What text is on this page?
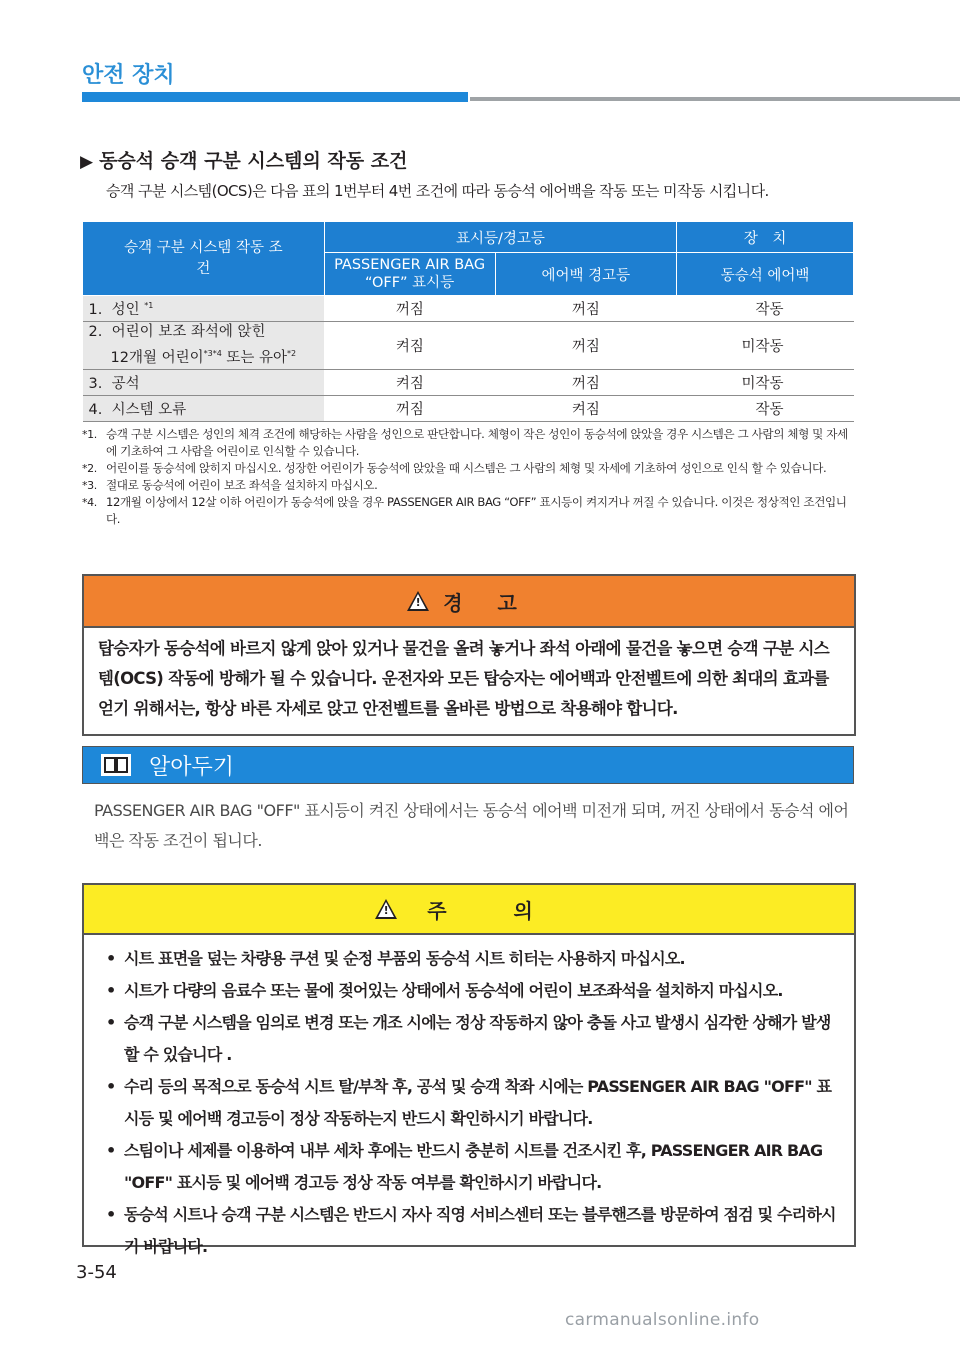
안전 장치
▶ 동승석 승객 구분 시스템의 작동 조건
승객 구분 시스템(OCS)은 다음 표의 1번부터 4번 조건에 따라 동승석 에어백을 작동 또는 미작동 시킵니다.
승객 구분 시스템 작동 조건	표시등/경고등		장　치
	PASSENGER AIR BAG “OFF” 표시등	에어백 경고등	동승석 에어백
1. 성인 $^{*1}$	꺼짐	꺼짐	작동
2. 어린이 보조 좌석에 앉힌
12개월 어린이$^{*3*4}$ 또는 유아$^{*2}$	켜짐	꺼짐	미작동
3. 공석	켜짐	꺼짐	미작동
4. 시스템 오류	꺼짐	켜짐	작동
*1. 승객 구분 시스템은 성인의 체격 조건에 해당하는 사람을 성인으로 판단합니다. 체형이 작은 성인이 동승석에 앉았을 경우 시스템은 그 사람의 체형 및 자세에 기초하여 그 사람을 어린이로 인식할 수 있습니다.
*2. 어린이를 동승석에 앉히지 마십시오. 성장한 어린이가 동승석에 앉았을 때 시스템은 그 사람의 체형 및 자세에 기초하여 성인으로 인식 할 수 있습니다.
*3. 절대로 동승석에 어린이 보조 좌석을 설치하지 마십시오.
*4. 12개월 이상에서 12살 이하 어린이가 동승석에 앉을 경우 PASSENGER AIR BAG “OFF” 표시등이 켜지거나 꺼질 수 있습니다. 이것은 정상적인 조건입니다.
!	경 고
탑승자가 동승석에 바르지 않게 앉아 있거나 물건을 올려 놓거나 좌석 아래에 물건을 놓으면 승객 구분 시스템(OCS) 작동에 방해가 될 수 있습니다. 운전자와 모든 탑승자는 에어백과 안전벨트에 의한 최대의 효과를 얻기 위해서는, 항상 바른 자세로 앉고 안전벨트를 올바른 방법으로 착용해야 합니다.
알아두기
PASSENGER AIR BAG "OFF" 표시등이 켜진 상태에서는 동승석 에어백 미전개 되며, 꺼진 상태에서 동승석 에어백은 작동 조건이 됩니다.
!	주 의
• 시트 표면을 덮는 차량용 쿠션 및 순정 부품외 동승석 시트 히터는 사용하지 마십시오.
• 시트가 다량의 음료수 또는 물에 젖어있는 상태에서 동승석에 어린이 보조좌석을 설치하지 마십시오.
• 승객 구분 시스템을 임의로 변경 또는 개조 시에는 정상 작동하지 않아 충돌 사고 발생시 심각한 상해가 발생할 수 있습니다 .
• 수리 등의 목적으로 동승석 시트 탈/부착 후, 공석 및 승객 착좌 시에는 PASSENGER AIR BAG "OFF" 표시등 및 에어백 경고등이 정상 작동하는지 반드시 확인하시기 바랍니다.
• 스팀이나 세제를 이용하여 내부 세차 후에는 반드시 충분히 시트를 건조시킨 후, PASSENGER AIR BAG "OFF" 표시등 및 에어백 경고등 정상 작동 여부를 확인하시기 바랍니다.
• 동승석 시트나 승객 구분 시스템은 반드시 자사 직영 서비스센터 또는 블루핸즈를 방문하여 점검 및 수리하시기 바랍니다.
3-54
carmanualsonline.info
